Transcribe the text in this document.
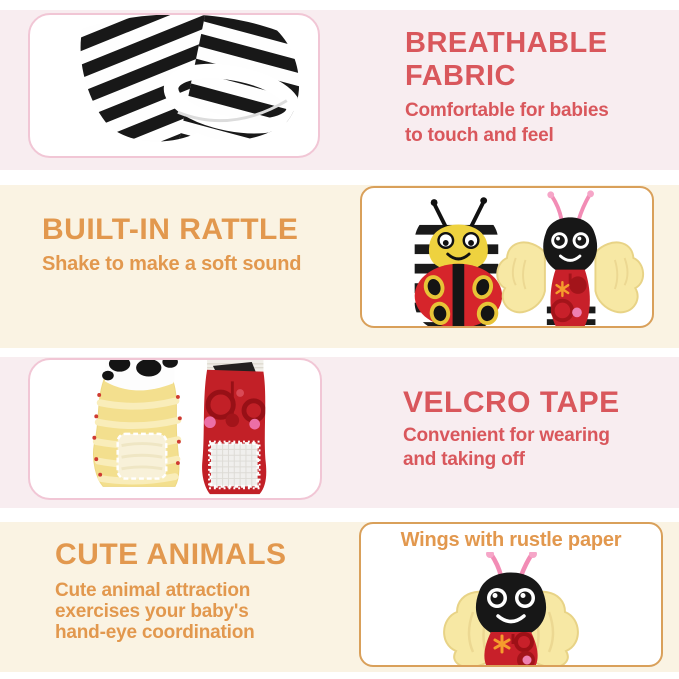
BREATHABLE
FABRIC
Comfortable for babies
to touch and feel
BUILT-IN RATTLE
Shake to make a soft sound
VELCRO TAPE
Convenient for wearing
and taking off
CUTE ANIMALS
Cute animal attraction
exercises your baby's
hand-eye coordination
Wings with rustle paper
